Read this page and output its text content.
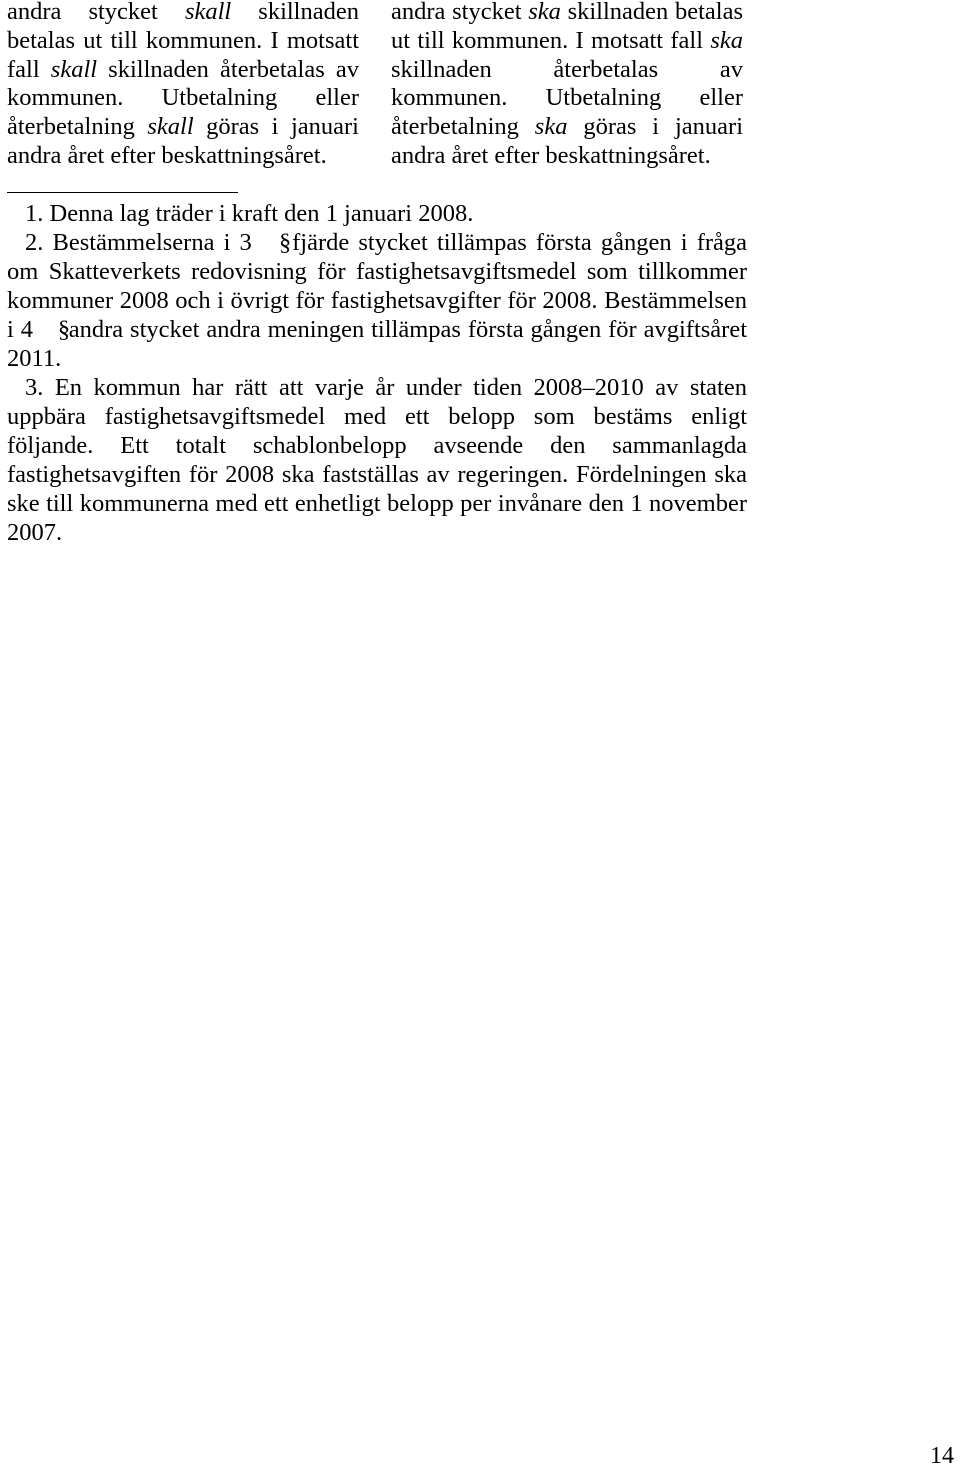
andra stycket skall skillnaden betalas ut till kommunen. I motsatt fall skall skillnaden återbetalas av kommunen. Utbetalning eller återbetalning skall göras i januari andra året efter beskattningsåret.

andra stycket ska skillnaden betalas ut till kommunen. I motsatt fall ska skillnaden återbetalas av kommunen. Utbetalning eller återbetalning ska göras i januari andra året efter beskattningsåret.

1. Denna lag träder i kraft den 1 januari 2008.

2. Bestämmelserna i 3 § fjärde stycket tillämpas första gången i fråga om Skatteverkets redovisning för fastighetsavgiftsmedel som tillkommer kommuner 2008 och i övrigt för fastighetsavgifter för 2008. Bestämmelsen i 4 § andra stycket andra meningen tillämpas första gången för avgiftsåret 2011.

3. En kommun har rätt att varje år under tiden 2008–2010 av staten uppbära fastighetsavgiftsmedel med ett belopp som bestäms enligt följande. Ett totalt schablonbelopp avseende den sammanlagda fastighetsavgiften för 2008 ska fastställas av regeringen. Fördelningen ska ske till kommunerna med ett enhetligt belopp per invånare den 1 november 2007.

14
